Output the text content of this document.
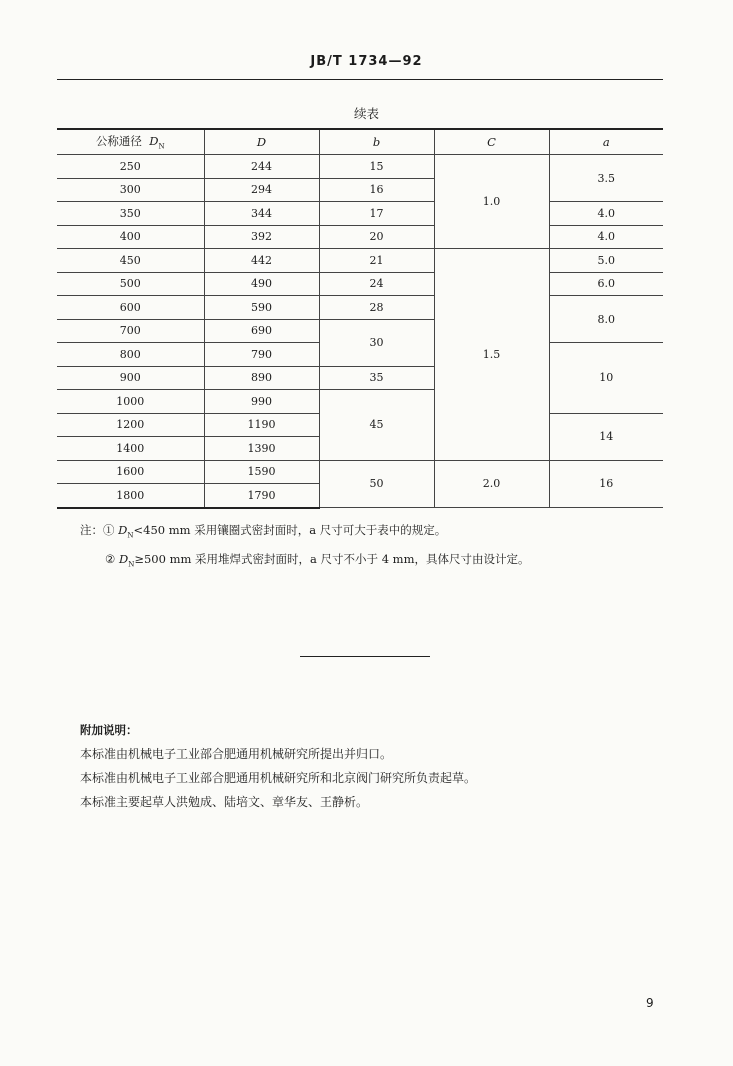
JB/T 1734—92
续表
公称通径 $D_N$	D	b	C	a
250	244	15	1.0	3.5
300	294	16		
350	344	17		4.0
400	392	20		4.0
450	442	21	1.5	5.0
500	490	24		6.0
600	590	28		8.0
700	690	30		
800	790			10
900	890	35		
1000	990	45		
1200	1190			14
1400	1390			
1600	1590	50	2.0	16
1800	1790			
注：① $D_N<450$ mm 采用镶圈式密封面时，a 尺寸可大于表中的规定。
② $D_N\ge 500$ mm 采用堆焊式密封面时，a 尺寸不小于 4 mm，具体尺寸由设计定。
附加说明：
本标准由机械电子工业部合肥通用机械研究所提出并归口。
本标准由机械电子工业部合肥通用机械研究所和北京阀门研究所负责起草。
本标准主要起草人洪勉成、陆培文、章华友、王静析。
9
